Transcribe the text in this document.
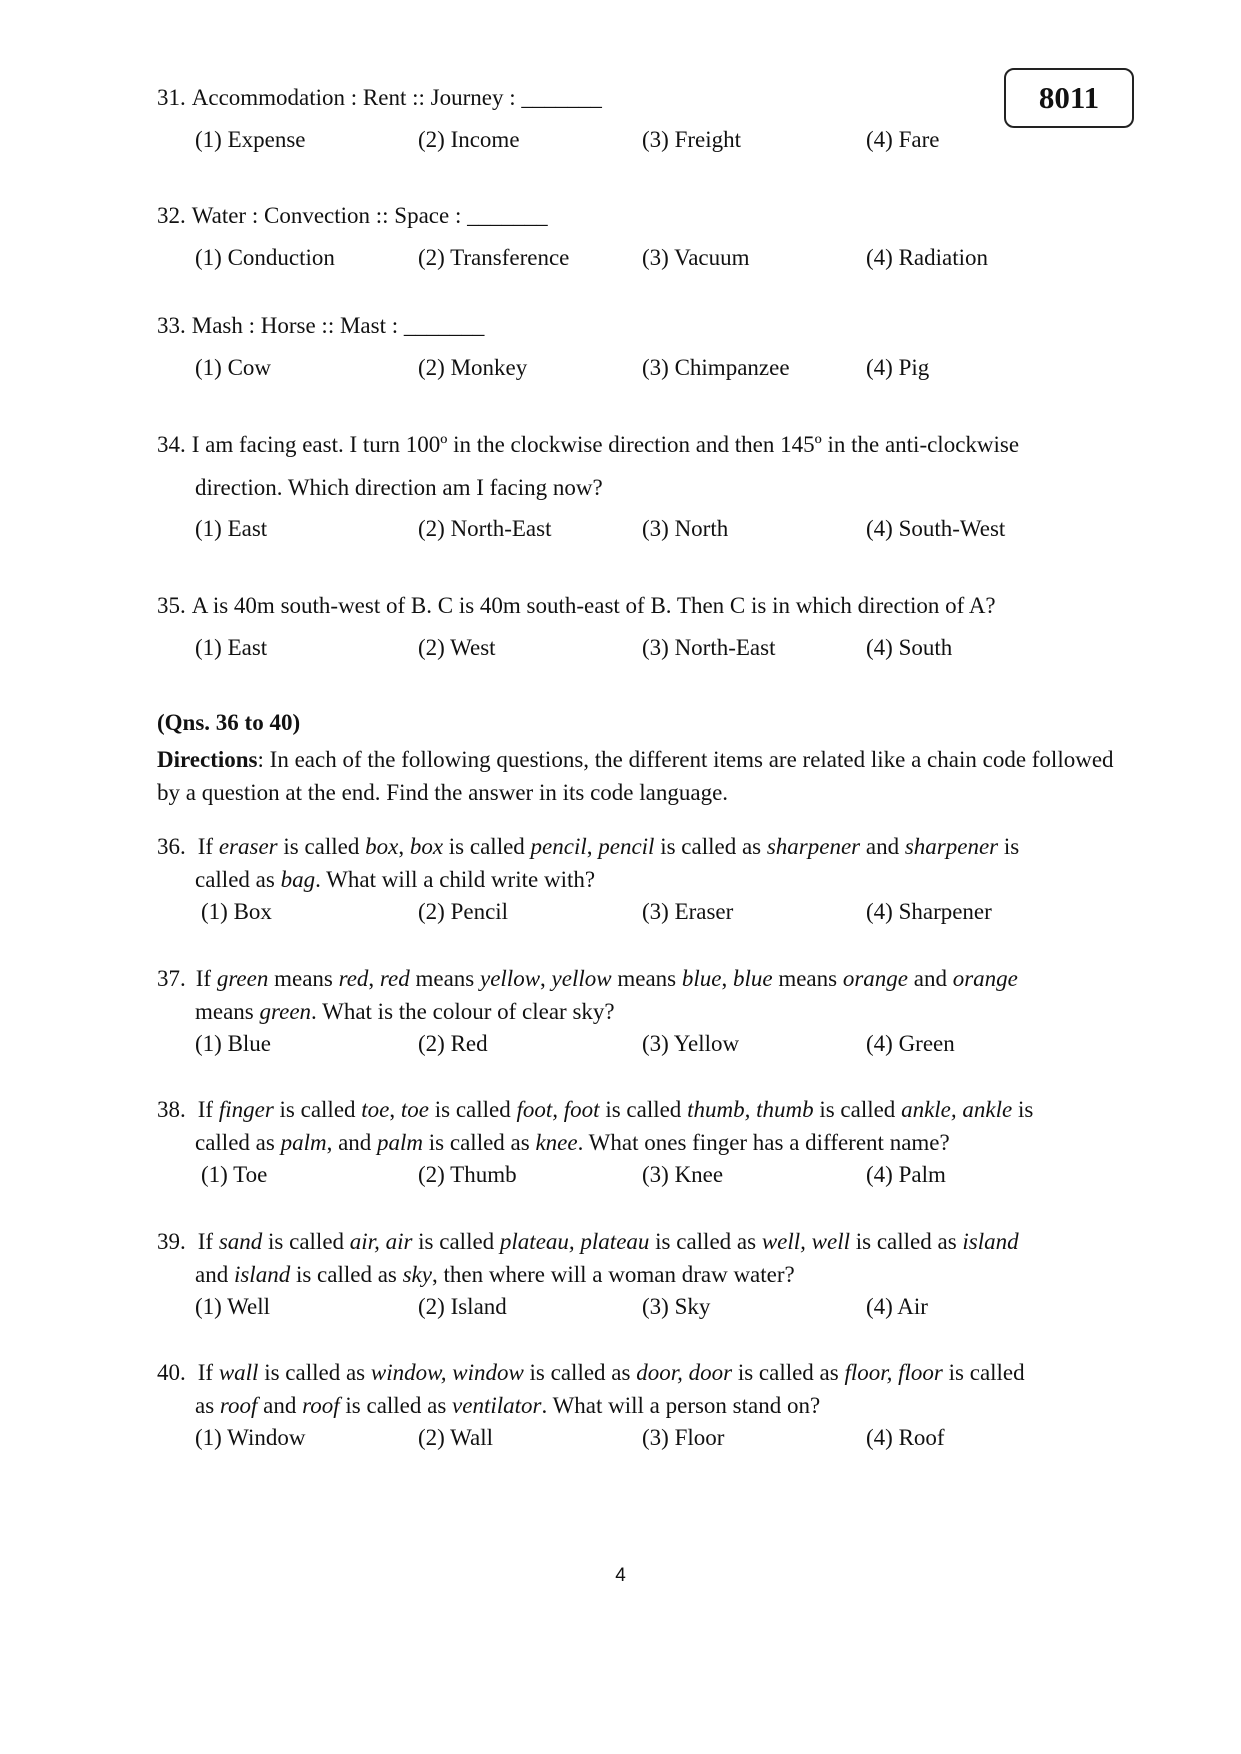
8011
31. Accommodation : Rent :: Journey : _______
(1) Expense	(2) Income	(3) Freight	(4) Fare
32. Water : Convection :: Space : _______
(1) Conduction	(2) Transference	(3) Vacuum	(4) Radiation
33. Mash : Horse :: Mast : _______
(1) Cow	(2) Monkey	(3) Chimpanzee	(4) Pig
34. I am facing east. I turn 100º in the clockwise direction and then 145º in the anti-clockwise
direction. Which direction am I facing now?
(1) East	(2) North-East	(3) North	(4) South-West
35. A is 40m south-west of B. C is 40m south-east of B. Then C is in which direction of A?
(1) East	(2) West	(3) North-East	(4) South
(Qns. 36 to 40)
Directions: In each of the following questions, the different items are related like a chain code followed by a question at the end. Find the answer in its code language.
36. If eraser is called box, box is called pencil, pencil is called as sharpener and sharpener is
called as bag. What will a child write with?
(1) Box	(2) Pencil	(3) Eraser	(4) Sharpener
37. If green means red, red means yellow, yellow means blue, blue means orange and orange
means green. What is the colour of clear sky?
(1) Blue	(2) Red	(3) Yellow	(4) Green
38. If finger is called toe, toe is called foot, foot is called thumb, thumb is called ankle, ankle is
called as palm, and palm is called as knee. What ones finger has a different name?
(1) Toe	(2) Thumb	(3) Knee	(4) Palm
39. If sand is called air, air is called plateau, plateau is called as well, well is called as island
and island is called as sky, then where will a woman draw water?
(1) Well	(2) Island	(3) Sky	(4) Air
40. If wall is called as window, window is called as door, door is called as floor, floor is called
as roof and roof is called as ventilator. What will a person stand on?
(1) Window	(2) Wall	(3) Floor	(4) Roof
4
